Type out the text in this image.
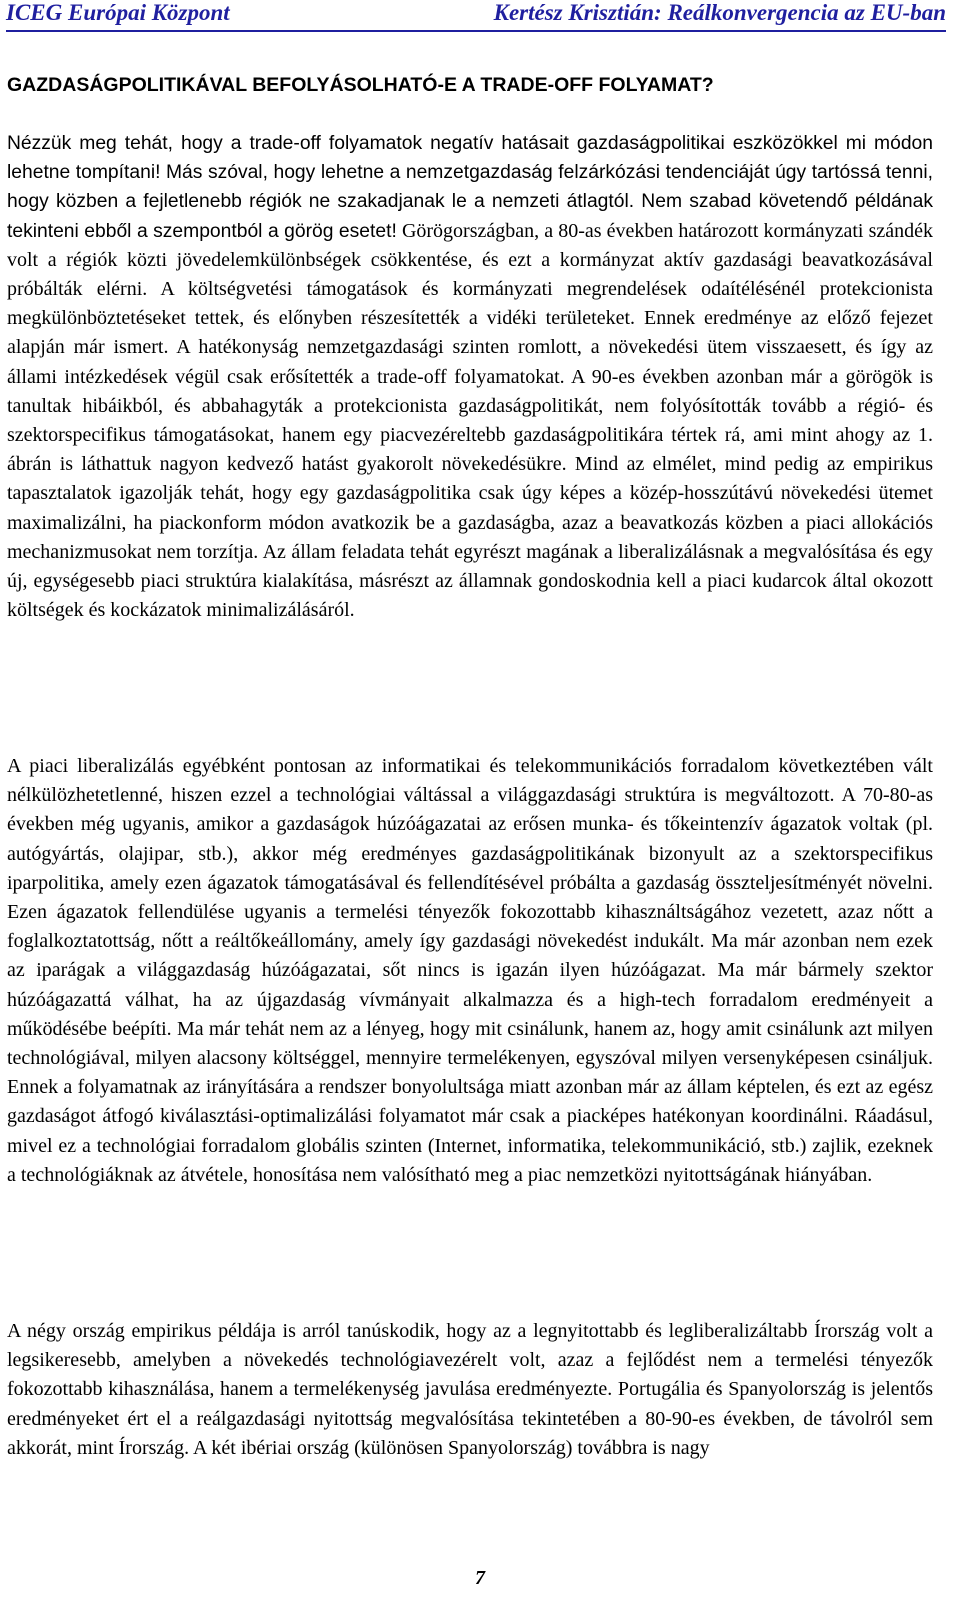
ICEG Európai Központ	Kertész Krisztián: Reálkonvergencia az EU-ban
GAZDASÁGPOLITIKÁVAL BEFOLYÁSOLHATÓ-E A TRADE-OFF FOLYAMAT?

Nézzük meg tehát, hogy a trade-off folyamatok negatív hatásait gazdaságpolitikai eszközökkel mi módon lehetne tompítani! Más szóval, hogy lehetne a nemzetgazdaság felzárkózási tendenciáját úgy tartóssá tenni, hogy közben a fejletlenebb régiók ne szakadjanak le a nemzeti átlagtól. Nem szabad követendő példának tekinteni ebből a szempontból a görög esetet! Görögországban, a 80-as években határozott kormányzati szándék volt a régiók közti jövedelemkülönbségek csökkentése, és ezt a kormányzat aktív gazdasági beavatkozásával próbálták elérni. A költségvetési támogatások és kormányzati megrendelések odaítélésénél protekcionista megkülönböztetéseket tettek, és előnyben részesítették a vidéki területeket. Ennek eredménye az előző fejezet alapján már ismert. A hatékonyság nemzetgazdasági szinten romlott, a növekedési ütem visszaesett, és így az állami intézkedések végül csak erősítették a trade-off folyamatokat. A 90-es években azonban már a görögök is tanultak hibáikból, és abbahagyták a protekcionista gazdaságpolitikát, nem folyósították tovább a régió- és szektorspecifikus támogatásokat, hanem egy piacvezéreltebb gazdaságpolitikára tértek rá, ami mint ahogy az 1. ábrán is láthattuk nagyon kedvező hatást gyakorolt növekedésükre. Mind az elmélet, mind pedig az empirikus tapasztalatok igazolják tehát, hogy egy gazdaságpolitika csak úgy képes a közép-hosszútávú növekedési ütemet maximalizálni, ha piackonform módon avatkozik be a gazdaságba, azaz a beavatkozás közben a piaci allokációs mechanizmusokat nem torzítja. Az állam feladata tehát egyrészt magának a liberalizálásnak a megvalósítása és egy új, egységesebb piaci struktúra kialakítása, másrészt az államnak gondoskodnia kell a piaci kudarcok által okozott költségek és kockázatok minimalizálásáról.

A piaci liberalizálás egyébként pontosan az informatikai és telekommunikációs forradalom következtében vált nélkülözhetetlenné, hiszen ezzel a technológiai váltással a világgazdasági struktúra is megváltozott. A 70-80-as években még ugyanis, amikor a gazdaságok húzóágazatai az erősen munka- és tőkeintenzív ágazatok voltak (pl. autógyártás, olajipar, stb.), akkor még eredményes gazdaságpolitikának bizonyult az a szektorspecifikus iparpolitika, amely ezen ágazatok támogatásával és fellendítésével próbálta a gazdaság összteljesítményét növelni. Ezen ágazatok fellendülése ugyanis a termelési tényezők fokozottabb kihasználtságához vezetett, azaz nőtt a foglalkoztatottság, nőtt a reáltőkeállomány, amely így gazdasági növekedést indukált. Ma már azonban nem ezek az iparágak a világgazdaság húzóágazatai, sőt nincs is igazán ilyen húzóágazat. Ma már bármely szektor húzóágazattá válhat, ha az újgazdaság vívmányait alkalmazza és a high-tech forradalom eredményeit a működésébe beépíti. Ma már tehát nem az a lényeg, hogy mit csinálunk, hanem az, hogy amit csinálunk azt milyen technológiával, milyen alacsony költséggel, mennyire termelékenyen, egyszóval milyen versenyképesen csináljuk. Ennek a folyamatnak az irányítására a rendszer bonyolultsága miatt azonban már az állam képtelen, és ezt az egész gazdaságot átfogó kiválasztási-optimalizálási folyamatot már csak a piacképes hatékonyan koordinálni. Ráadásul, mivel ez a technológiai forradalom globális szinten (Internet, informatika, telekommunikáció, stb.) zajlik, ezeknek a technológiáknak az átvétele, honosítása nem valósítható meg a piac nemzetközi nyitottságának hiányában.

A négy ország empirikus példája is arról tanúskodik, hogy az a legnyitottabb és legliberalizáltabb Írország volt a legsikeresebb, amelyben a növekedés technológiavezérelt volt, azaz a fejlődést nem a termelési tényezők fokozottabb kihasználása, hanem a termelékenység javulása eredményezte. Portugália és Spanyolország is jelentős eredményeket ért el a reálgazdasági nyitottság megvalósítása tekintetében a 80-90-es években, de távolról sem akkorát, mint Írország. A két ibériai ország (különösen Spanyolország) továbbra is nagy

7
